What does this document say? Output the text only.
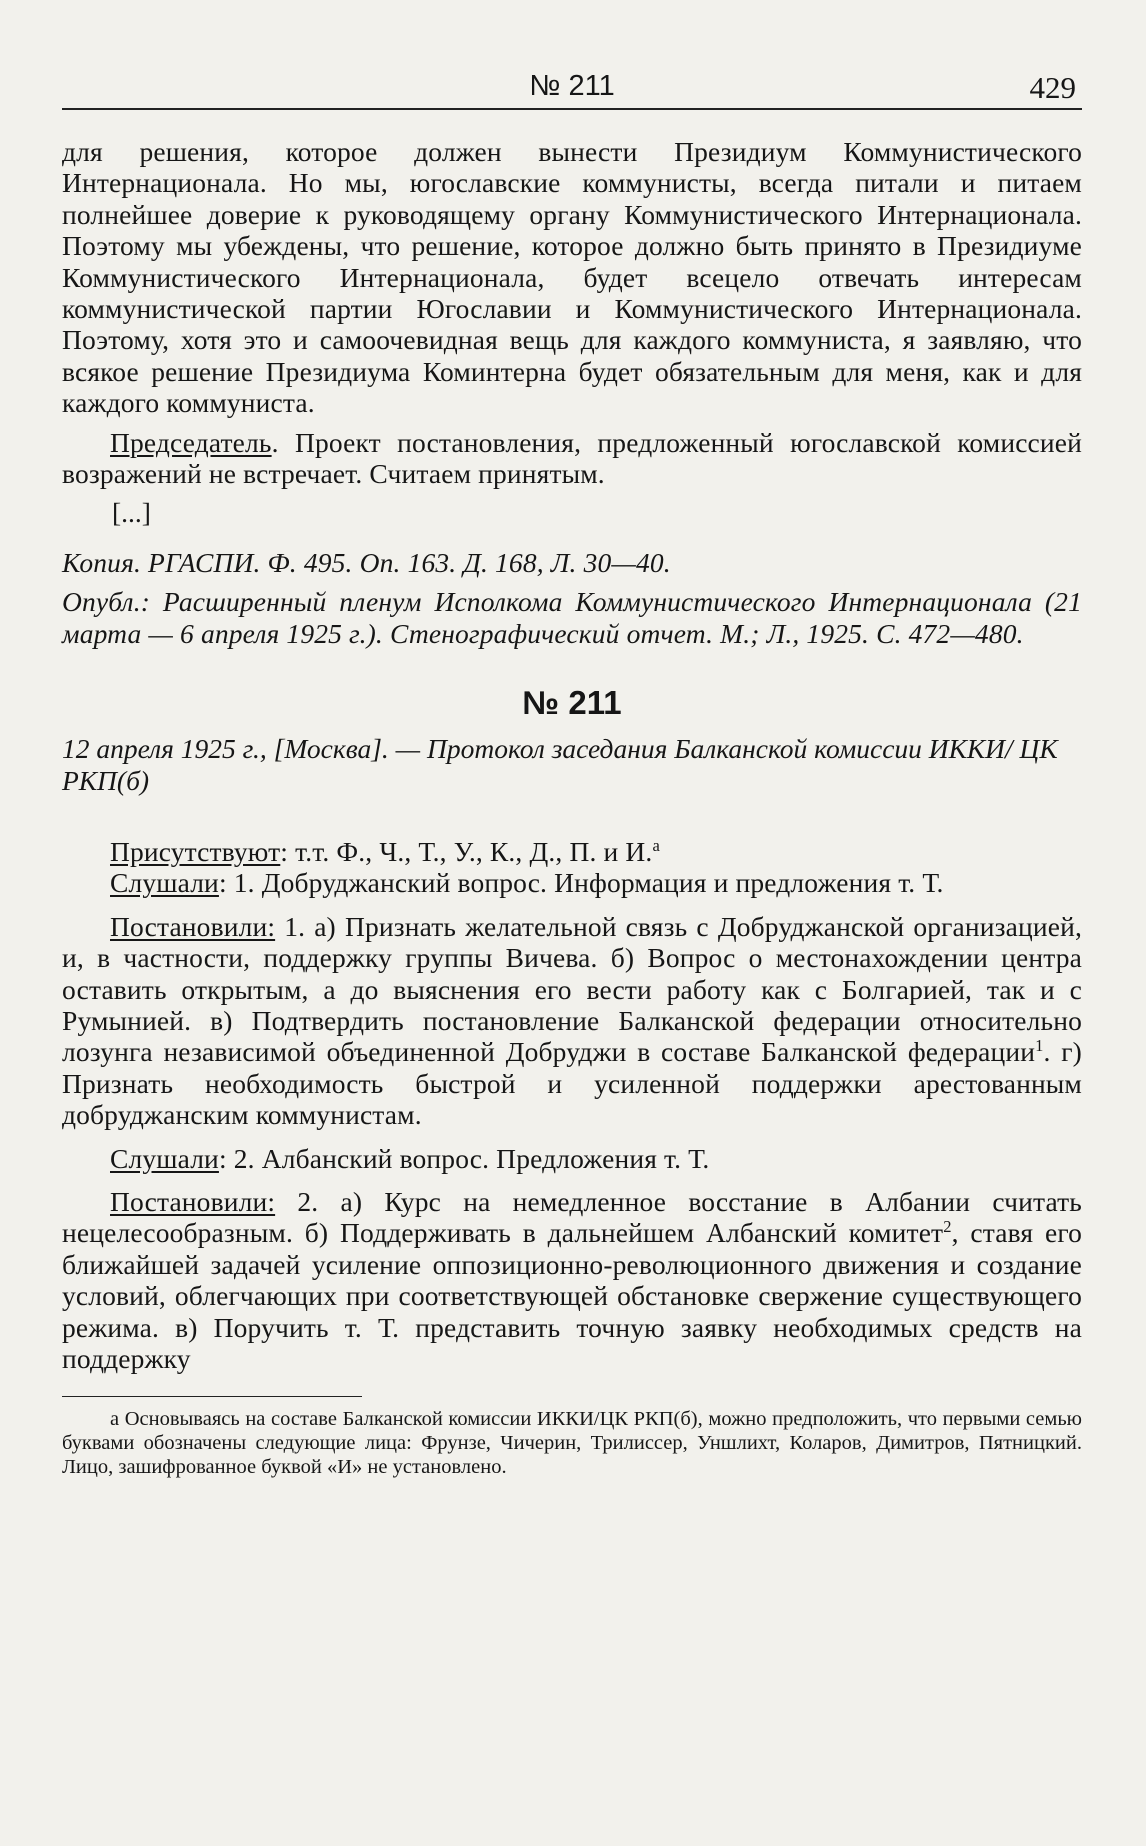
№ 211	429

для решения, которое должен вынести Президиум Коммунистического Интернационала. Но мы, югославские коммунисты, всегда питали и питаем полнейшее доверие к руководящему органу Коммунистического Интернационала. Поэтому мы убеждены, что решение, которое должно быть принято в Президиуме Коммунистического Интернационала, будет всецело отвечать интересам коммунистической партии Югославии и Коммунистического Интернационала. Поэтому, хотя это и самоочевидная вещь для каждого коммуниста, я заявляю, что всякое решение Президиума Коминтерна будет обязательным для меня, как и для каждого коммуниста.

Председатель. Проект постановления, предложенный югославской комиссией возражений не встречает. Считаем принятым.

[...]

Копия. РГАСПИ. Ф. 495. Оп. 163. Д. 168, Л. 30—40.

Опубл.: Расширенный пленум Исполкома Коммунистического Интернационала (21 марта — 6 апреля 1925 г.). Стенографический отчет. М.; Л., 1925. С. 472—480.

№ 211

12 апреля 1925 г., [Москва]. — Протокол заседания Балканской комиссии ИККИ/ ЦК РКП(б)

Присутствуют: т.т. Ф., Ч., Т., У., К., Д., П. и И.$^а$

Слушали: 1. Добруджанский вопрос. Информация и предложения т. Т.

Постановили: 1. а) Признать желательной связь с Добруджанской организацией, и, в частности, поддержку группы Вичева. б) Вопрос о местонахождении центра оставить открытым, а до выяснения его вести работу как с Болгарией, так и с Румынией. в) Подтвердить постановление Балканской федерации относительно лозунга независимой объединенной Добруджи в составе Балканской федерации$^1$. г) Признать необходимость быстрой и усиленной поддержки арестованным добруджанским коммунистам.

Слушали: 2. Албанский вопрос. Предложения т. Т.

Постановили: 2. а) Курс на немедленное восстание в Албании считать нецелесообразным. б) Поддерживать в дальнейшем Албанский комитет$^2$, ставя его ближайшей задачей усиление оппозиционно-революционного движения и создание условий, облегчающих при соответствующей обстановке свержение существующего режима. в) Поручить т. Т. представить точную заявку необходимых средств на поддержку

а Основываясь на составе Балканской комиссии ИККИ/ЦК РКП(б), можно предположить, что первыми семью буквами обозначены следующие лица: Фрунзе, Чичерин, Трилиссер, Уншлихт, Коларов, Димитров, Пятницкий. Лицо, зашифрованное буквой «И» не установлено.
